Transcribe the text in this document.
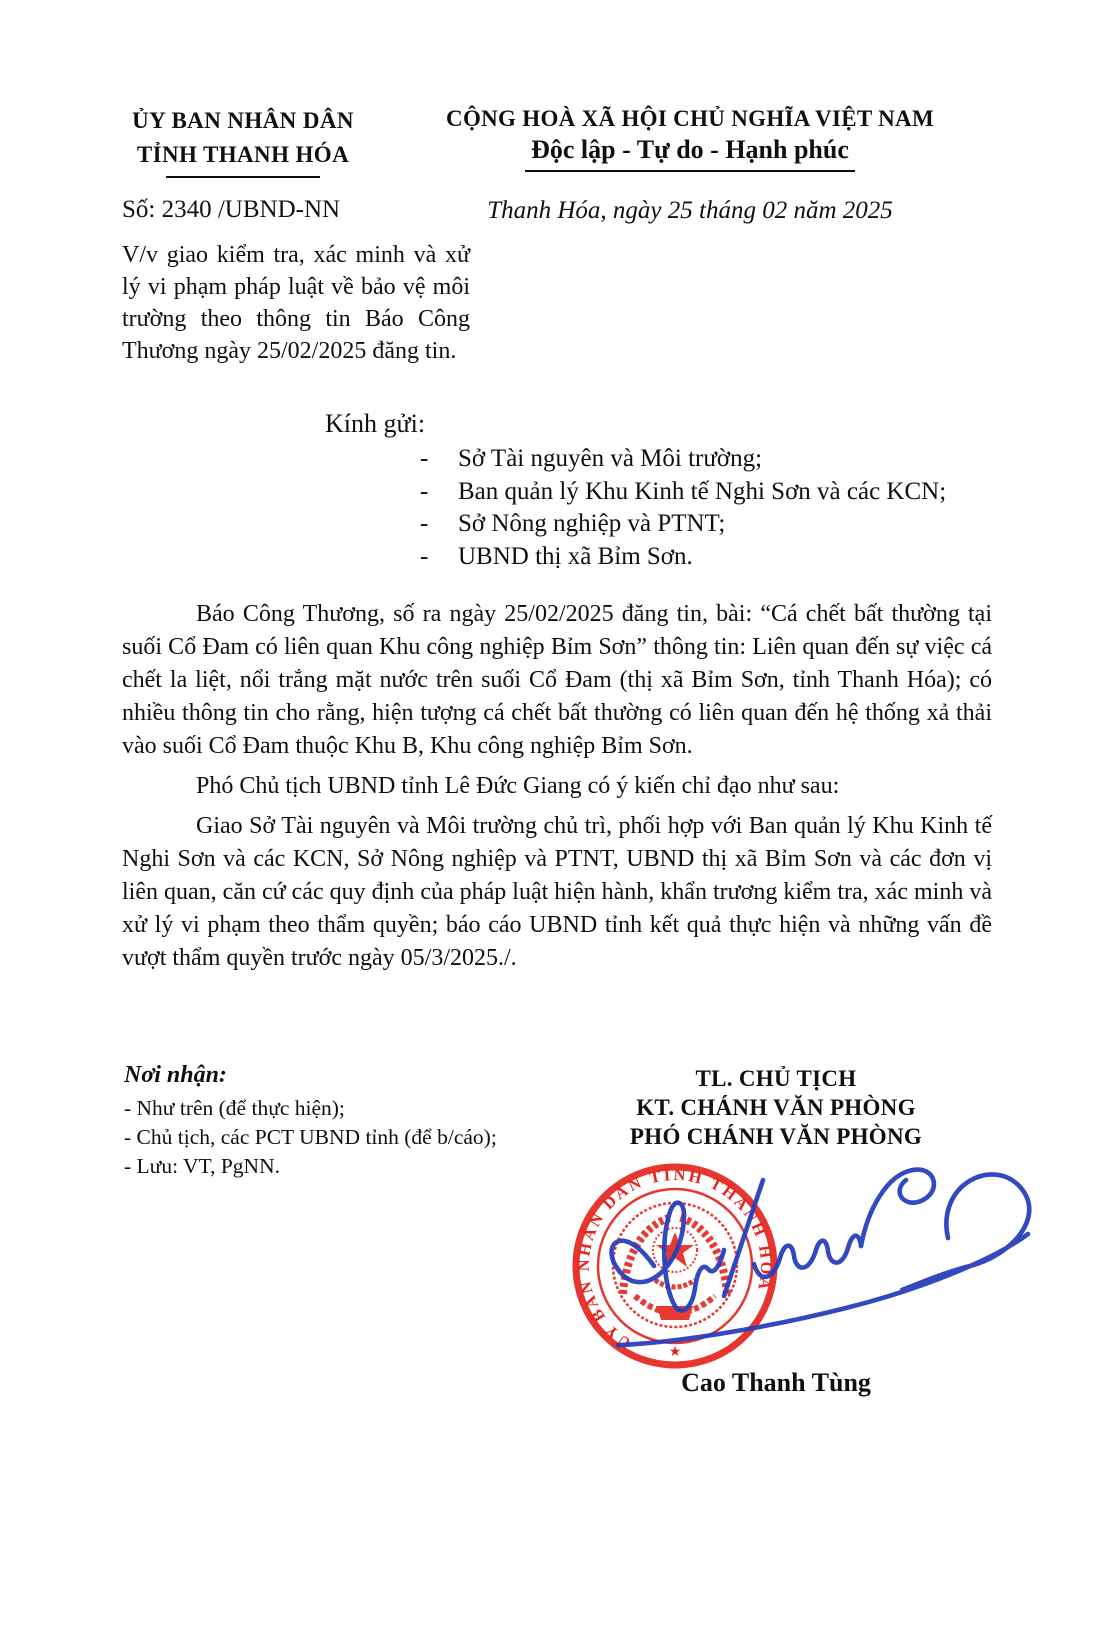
ỦY BAN NHÂN DÂN
TỈNH THANH HÓA
Số: 2340 /UBND-NN
CỘNG HOÀ XÃ HỘI CHỦ NGHĨA VIỆT NAM
Độc lập - Tự do - Hạnh phúc
Thanh Hóa, ngày 25 tháng 02 năm 2025
V/v giao kiểm tra, xác minh và xử lý vi phạm pháp luật về bảo vệ môi trường theo thông tin Báo Công Thương ngày 25/02/2025 đăng tin.
Kính gửi:
-	Sở Tài nguyên và Môi trường;
-	Ban quản lý Khu Kinh tế Nghi Sơn và các KCN;
-	Sở Nông nghiệp và PTNT;
-	UBND thị xã Bỉm Sơn.

Báo Công Thương, số ra ngày 25/02/2025 đăng tin, bài: “Cá chết bất thường tại suối Cổ Đam có liên quan Khu công nghiệp Bỉm Sơn” thông tin: Liên quan đến sự việc cá chết la liệt, nổi trắng mặt nước trên suối Cổ Đam (thị xã Bỉm Sơn, tỉnh Thanh Hóa); có nhiều thông tin cho rằng, hiện tượng cá chết bất thường có liên quan đến hệ thống xả thải vào suối Cổ Đam thuộc Khu B, Khu công nghiệp Bỉm Sơn.

Phó Chủ tịch UBND tỉnh Lê Đức Giang có ý kiến chỉ đạo như sau:

Giao Sở Tài nguyên và Môi trường chủ trì, phối hợp với Ban quản lý Khu Kinh tế Nghi Sơn và các KCN, Sở Nông nghiệp và PTNT, UBND thị xã Bỉm Sơn và các đơn vị liên quan, căn cứ các quy định của pháp luật hiện hành, khẩn trương kiểm tra, xác minh và xử lý vi phạm theo thẩm quyền; báo cáo UBND tỉnh kết quả thực hiện và những vấn đề vượt thẩm quyền trước ngày 05/3/2025./.

Nơi nhận:
- Như trên (để thực hiện);
- Chủ tịch, các PCT UBND tỉnh (để b/cáo);
- Lưu: VT, PgNN.
TL. CHỦ TỊCH
KT. CHÁNH VĂN PHÒNG
PHÓ CHÁNH VĂN PHÒNG
ỦY BAN NHÂN DÂN TỈNH THANH HOÁ
★
Cao Thanh Tùng
